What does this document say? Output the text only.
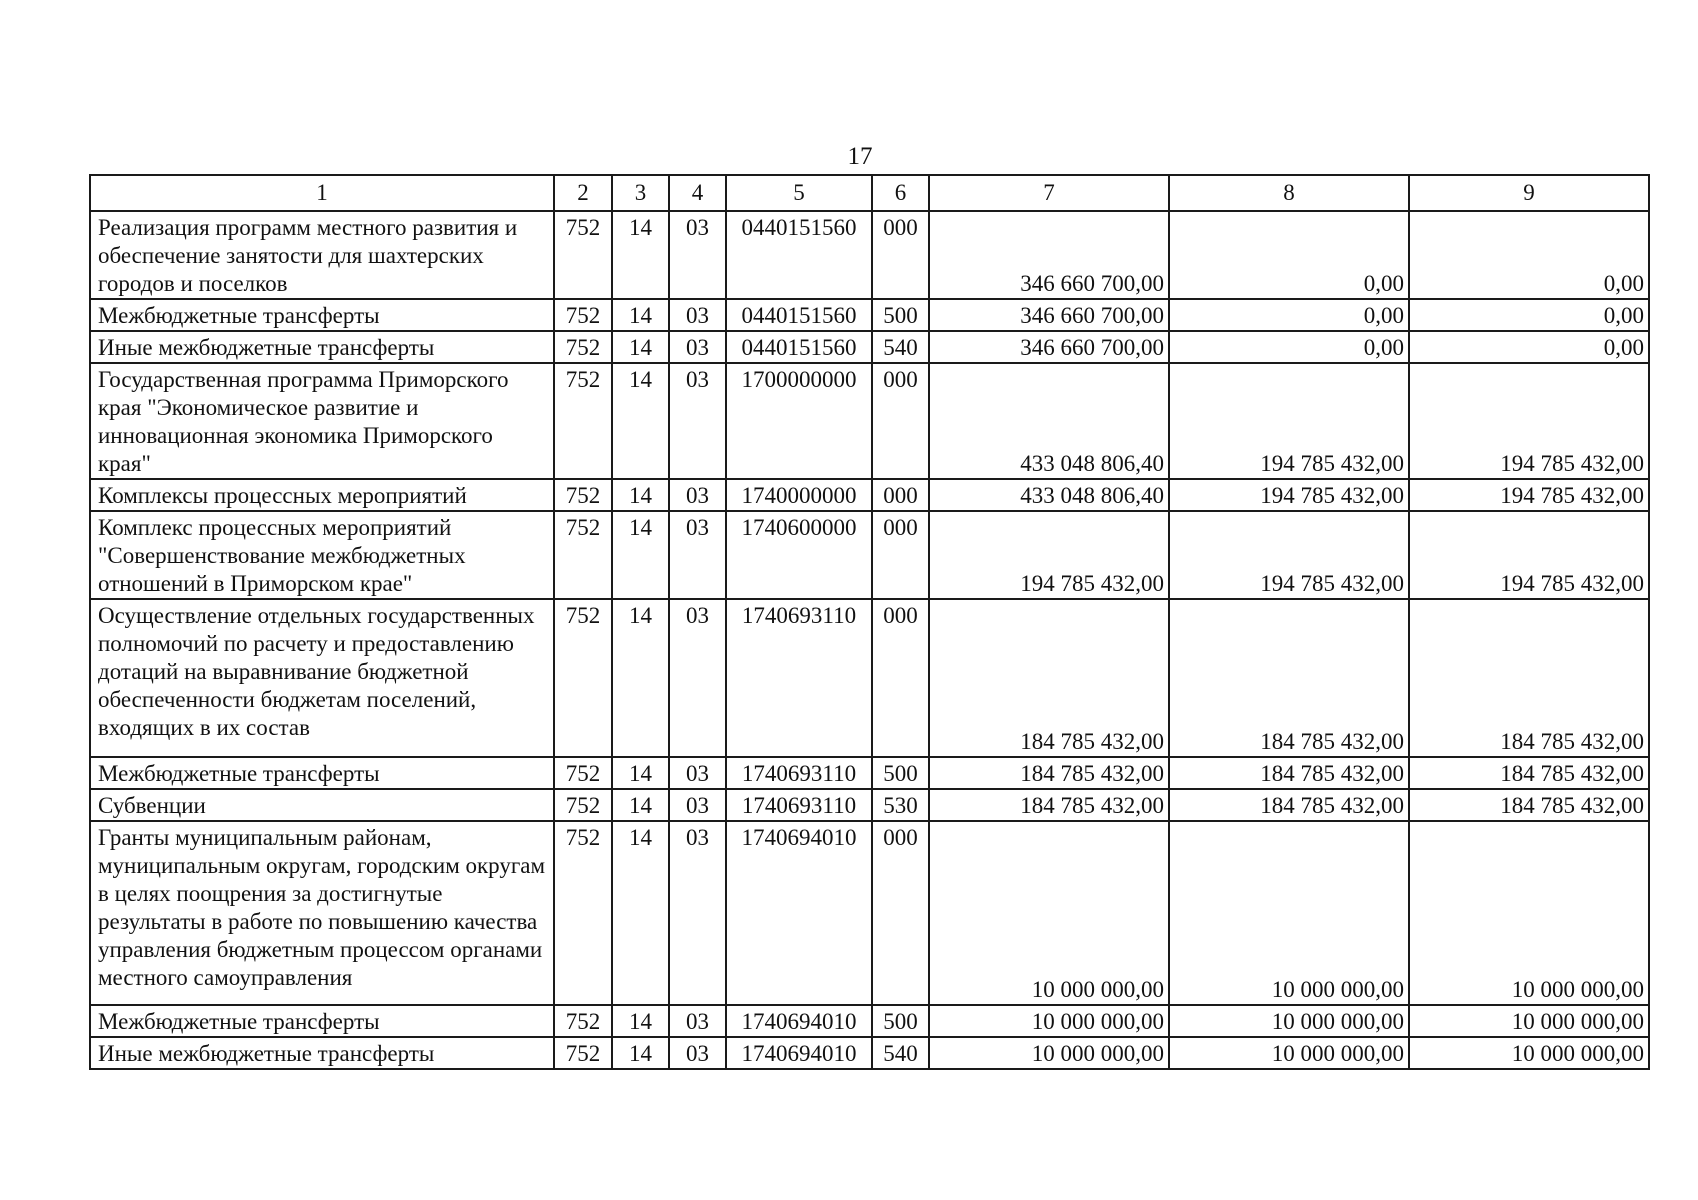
17
1	2	3	4	5	6	7	8	9
Реализация программ местного развития и обеспечение занятости для шахтерских городов и поселков	752	14	03	0440151560	000	346 660 700,00	0,00	0,00
Межбюджетные трансферты	752	14	03	0440151560	500	346 660 700,00	0,00	0,00
Иные межбюджетные трансферты	752	14	03	0440151560	540	346 660 700,00	0,00	0,00
Государственная программа Приморского края "Экономическое развитие и инновационная экономика Приморского края"	752	14	03	1700000000	000	433 048 806,40	194 785 432,00	194 785 432,00
Комплексы процессных мероприятий	752	14	03	1740000000	000	433 048 806,40	194 785 432,00	194 785 432,00
Комплекс процессных мероприятий "Совершенствование межбюджетных отношений в Приморском крае"	752	14	03	1740600000	000	194 785 432,00	194 785 432,00	194 785 432,00
Осуществление отдельных государственных полномочий по расчету и предоставлению дотаций на выравнивание бюджетной обеспеченности бюджетам поселений, входящих в их состав	752	14	03	1740693110	000	184 785 432,00	184 785 432,00	184 785 432,00
Межбюджетные трансферты	752	14	03	1740693110	500	184 785 432,00	184 785 432,00	184 785 432,00
Субвенции	752	14	03	1740693110	530	184 785 432,00	184 785 432,00	184 785 432,00
Гранты муниципальным районам, муниципальным округам, городским округам в целях поощрения за достигнутые результаты в работе по повышению качества управления бюджетным процессом органами местного самоуправления	752	14	03	1740694010	000	10 000 000,00	10 000 000,00	10 000 000,00
Межбюджетные трансферты	752	14	03	1740694010	500	10 000 000,00	10 000 000,00	10 000 000,00
Иные межбюджетные трансферты	752	14	03	1740694010	540	10 000 000,00	10 000 000,00	10 000 000,00
